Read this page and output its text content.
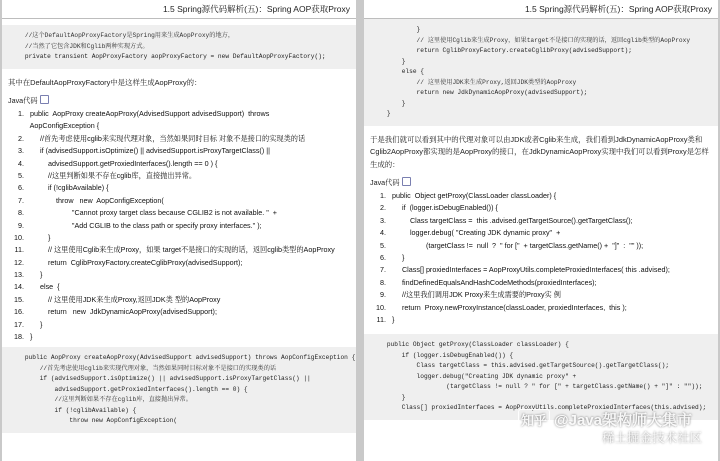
1.5 Spring源代码解析(五)：Spring AOP获取Proxy
//这个DefaultAopProxyFactory是Spring用来生成AopProxy的地方，
//当然了它包含JDK和Cglib两种实现方式。
private transient AopProxyFactory aopProxyFactory = new DefaultAopProxyFactory();
其中在DefaultAopProxyFactory中是这样生成AopProxy的：
Java代码
1. public  AopProxy createAopProxy(AdvisedSupport advisedSupport)  throws
AopConfigException {
2. //首先考虑使用cglib来实现代理对象，当然如果同时目标 对象不是接口的实现类的话
3. if (advisedSupport.isOptimize() || advisedSupport.isProxyTargetClass() ||
4. advisedSupport.getProxiedInterfaces().length == 0 ) {
5. //这里判断如果不存在cglib库，直接抛出异常。
6. if (!cglibAvailable) {
7. throw   new  AopConfigException(
8. "Cannot proxy target class because CGLIB2 is not available. "  +
9. "Add CGLIB to the class path or specify proxy interfaces." );
10. }
11. // 这里使用Cglib来生成Proxy，如果 target不是接口的实现的话，返回cglib类型的AopProxy
12. return  CglibProxyFactory.createCglibProxy(advisedSupport);
13. }
14. else  {
15. // 这里使用JDK来生成Proxy,返回JDK类 型的AopProxy
16. return   new  JdkDynamicAopProxy(advisedSupport);
17. }
18. }
public AopProxy createAopProxy(AdvisedSupport advisedSupport) throws AopConfigException {
//首先考虑使用cglib来实现代理对象，当然如果同时目标对象不是接口的实现类的话
if (advisedSupport.isOptimize() || advisedSupport.isProxyTargetClass() ||
advisedSupport.getProxiedInterfaces().length == 0) {
//这里判断如果不存在cglib库，直接抛出异常。
if (!cglibAvailable) {
throw new AopConfigException(
1.5 Spring源代码解析(五)：Spring AOP获取Proxy
}
// 这里使用Cglib来生成Proxy，如果target不是接口的实现的话，返回cglib类型的AopProxy
return CglibProxyFactory.createCglibProxy(advisedSupport);
}
else {
// 这里使用JDK来生成Proxy,返回JDK类型的AopProxy
return new JdkDynamicAopProxy(advisedSupport);
}
}
于是我们就可以看到其中的代理对象可以由JDK或者Cglib来生成，我们看到JdkDynamicAopProxy类和Cglib2AopProxy都实现的是AopProxy的接口，在JdkDynamicAopProxy实现中我们可以看到Proxy是怎样生成的：
Java代码
1. public  Object getProxy(ClassLoader classLoader) {
2. if  (logger.isDebugEnabled()) {
3. Class targetClass =  this .advised.getTargetSource().getTargetClass();
4. logger.debug( "Creating JDK dynamic proxy"  +
5. (targetClass !=  null  ?  " for ["  + targetClass.getName() +  "]"  :  "" ));
6. }
7. Class[] proxiedInterfaces = AopProxyUtils.completeProxiedInterfaces( this .advised);
8. findDefinedEqualsAndHashCodeMethods(proxiedInterfaces);
9. //这里我们调用JDK Proxy来生成需要的Proxy实 例
10. return  Proxy.newProxyInstance(classLoader, proxiedInterfaces,  this );
11. }
public Object getProxy(ClassLoader classLoader) {
if (logger.isDebugEnabled()) {
Class targetClass = this.advised.getTargetSource().getTargetClass();
logger.debug("Creating JDK dynamic proxy" +
(targetClass != null ? " for [" + targetClass.getName() + "]" : ""));
}
Class[] proxiedInterfaces = AopProxyUtils.completeProxiedInterfaces(this.advised);
知乎 @Java架构师大集市
稀土掘金技术社区
